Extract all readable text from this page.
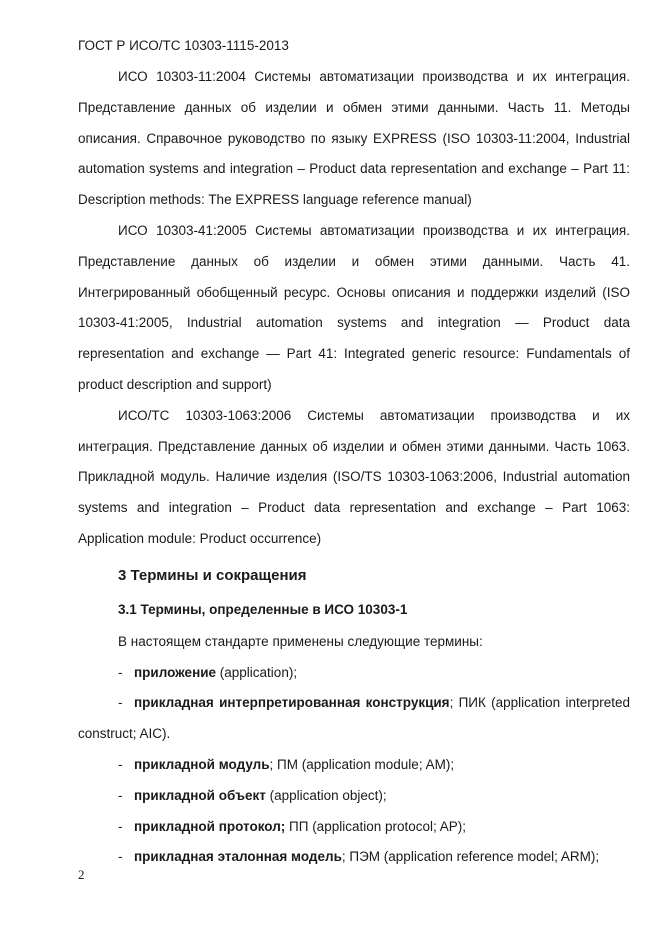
ГОСТ Р ИСО/ТС 10303-1115-2013

ИСО 10303-11:2004 Системы автоматизации производства и их интеграция. Представление данных об изделии и обмен этими данными. Часть 11. Методы описания. Справочное руководство по языку EXPRESS (ISO 10303-11:2004, Industrial automation systems and integration – Product data representation and exchange – Part 11: Description methods: The EXPRESS language reference manual)

ИСО 10303-41:2005 Системы автоматизации производства и их интеграция. Представление данных об изделии и обмен этими данными. Часть 41. Интегрированный обобщенный ресурс. Основы описания и поддержки изделий (ISO 10303-41:2005, Industrial automation systems and integration — Product data representation and exchange — Part 41: Integrated generic resource: Fundamentals of product description and support)

ИСО/ТС 10303-1063:2006 Системы автоматизации производства и их интеграция. Представление данных об изделии и обмен этими данными. Часть 1063. Прикладной модуль. Наличие изделия (ISO/TS 10303-1063:2006, Industrial automation systems and integration – Product data representation and exchange – Part 1063: Application module: Product occurrence)

3 Термины и сокращения
3.1 Термины, определенные в ИСО 10303-1

В настоящем стандарте применены следующие термины:

- приложение (application);
- прикладная интерпретированная конструкция; ПИК (application interpreted construct; AIC).
- прикладной модуль; ПМ (application module; AM);
- прикладной объект (application object);
- прикладной протокол; ПП (application protocol; AP);
- прикладная эталонная модель; ПЭМ (application reference model; ARM);
2
